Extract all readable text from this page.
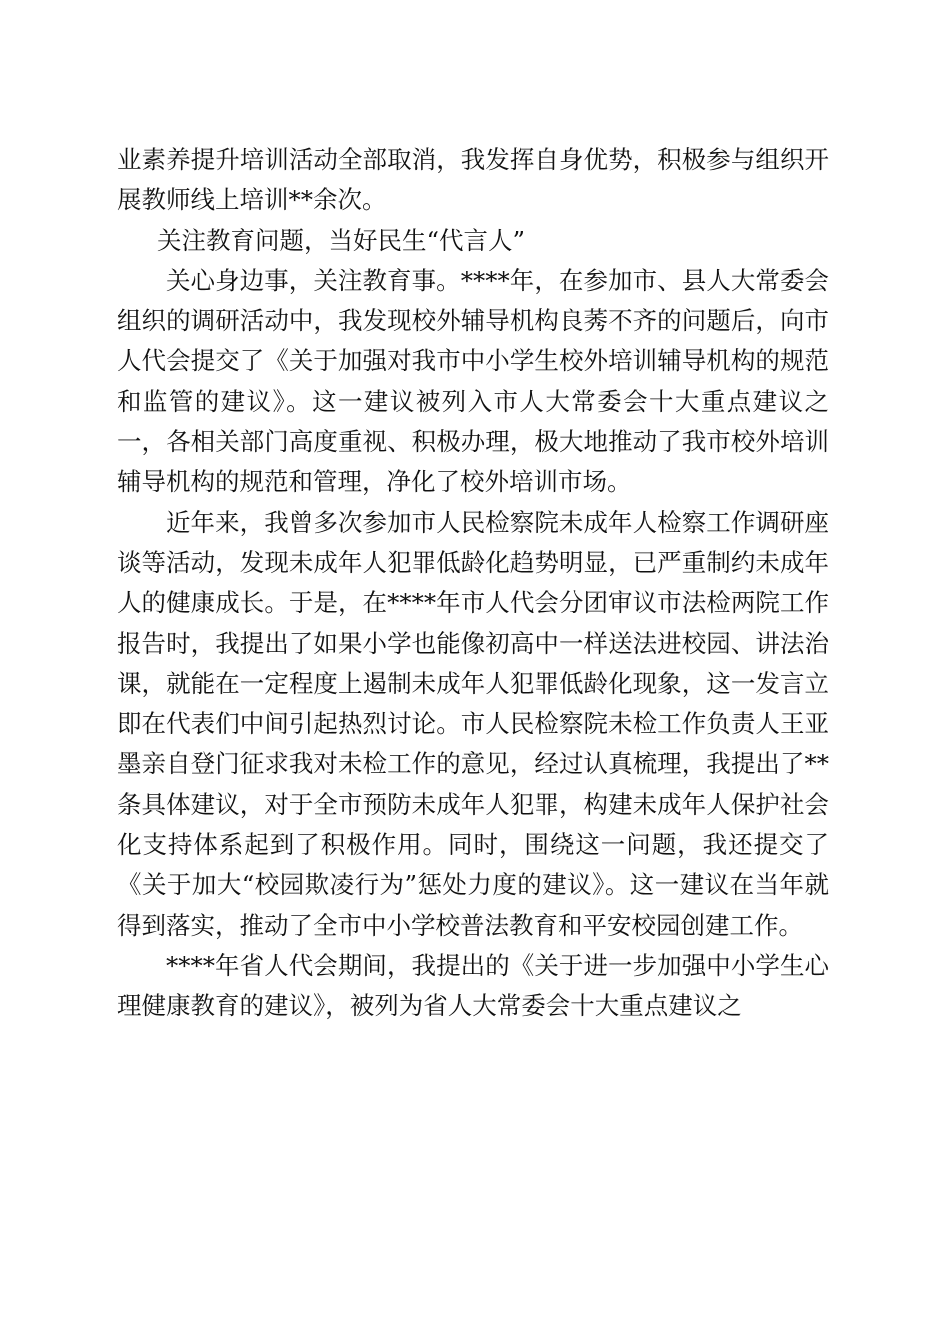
业素养提升培训活动全部取消，我发挥自身优势，积极参与组织开展教师线上培训**余次。

关注教育问题，当好民生“代言人”

关心身边事，关注教育事。****年，在参加市、县人大常委会组织的调研活动中，我发现校外辅导机构良莠不齐的问题后，向市人代会提交了《关于加强对我市中小学生校外培训辅导机构的规范和监管的建议》。这一建议被列入市人大常委会十大重点建议之一，各相关部门高度重视、积极办理，极大地推动了我市校外培训辅导机构的规范和管理，净化了校外培训市场。

近年来，我曾多次参加市人民检察院未成年人检察工作调研座谈等活动，发现未成年人犯罪低龄化趋势明显，已严重制约未成年人的健康成长。于是，在****年市人代会分团审议市法检两院工作报告时，我提出了如果小学也能像初高中一样送法进校园、讲法治课，就能在一定程度上遏制未成年人犯罪低龄化现象，这一发言立即在代表们中间引起热烈讨论。市人民检察院未检工作负责人王亚墨亲自登门征求我对未检工作的意见，经过认真梳理，我提出了**条具体建议，对于全市预防未成年人犯罪，构建未成年人保护社会化支持体系起到了积极作用。同时，围绕这一问题，我还提交了《关于加大“校园欺凌行为”惩处力度的建议》。这一建议在当年就得到落实，推动了全市中小学校普法教育和平安校园创建工作。

****年省人代会期间，我提出的《关于进一步加强中小学生心理健康教育的建议》，被列为省人大常委会十大重点建议之
